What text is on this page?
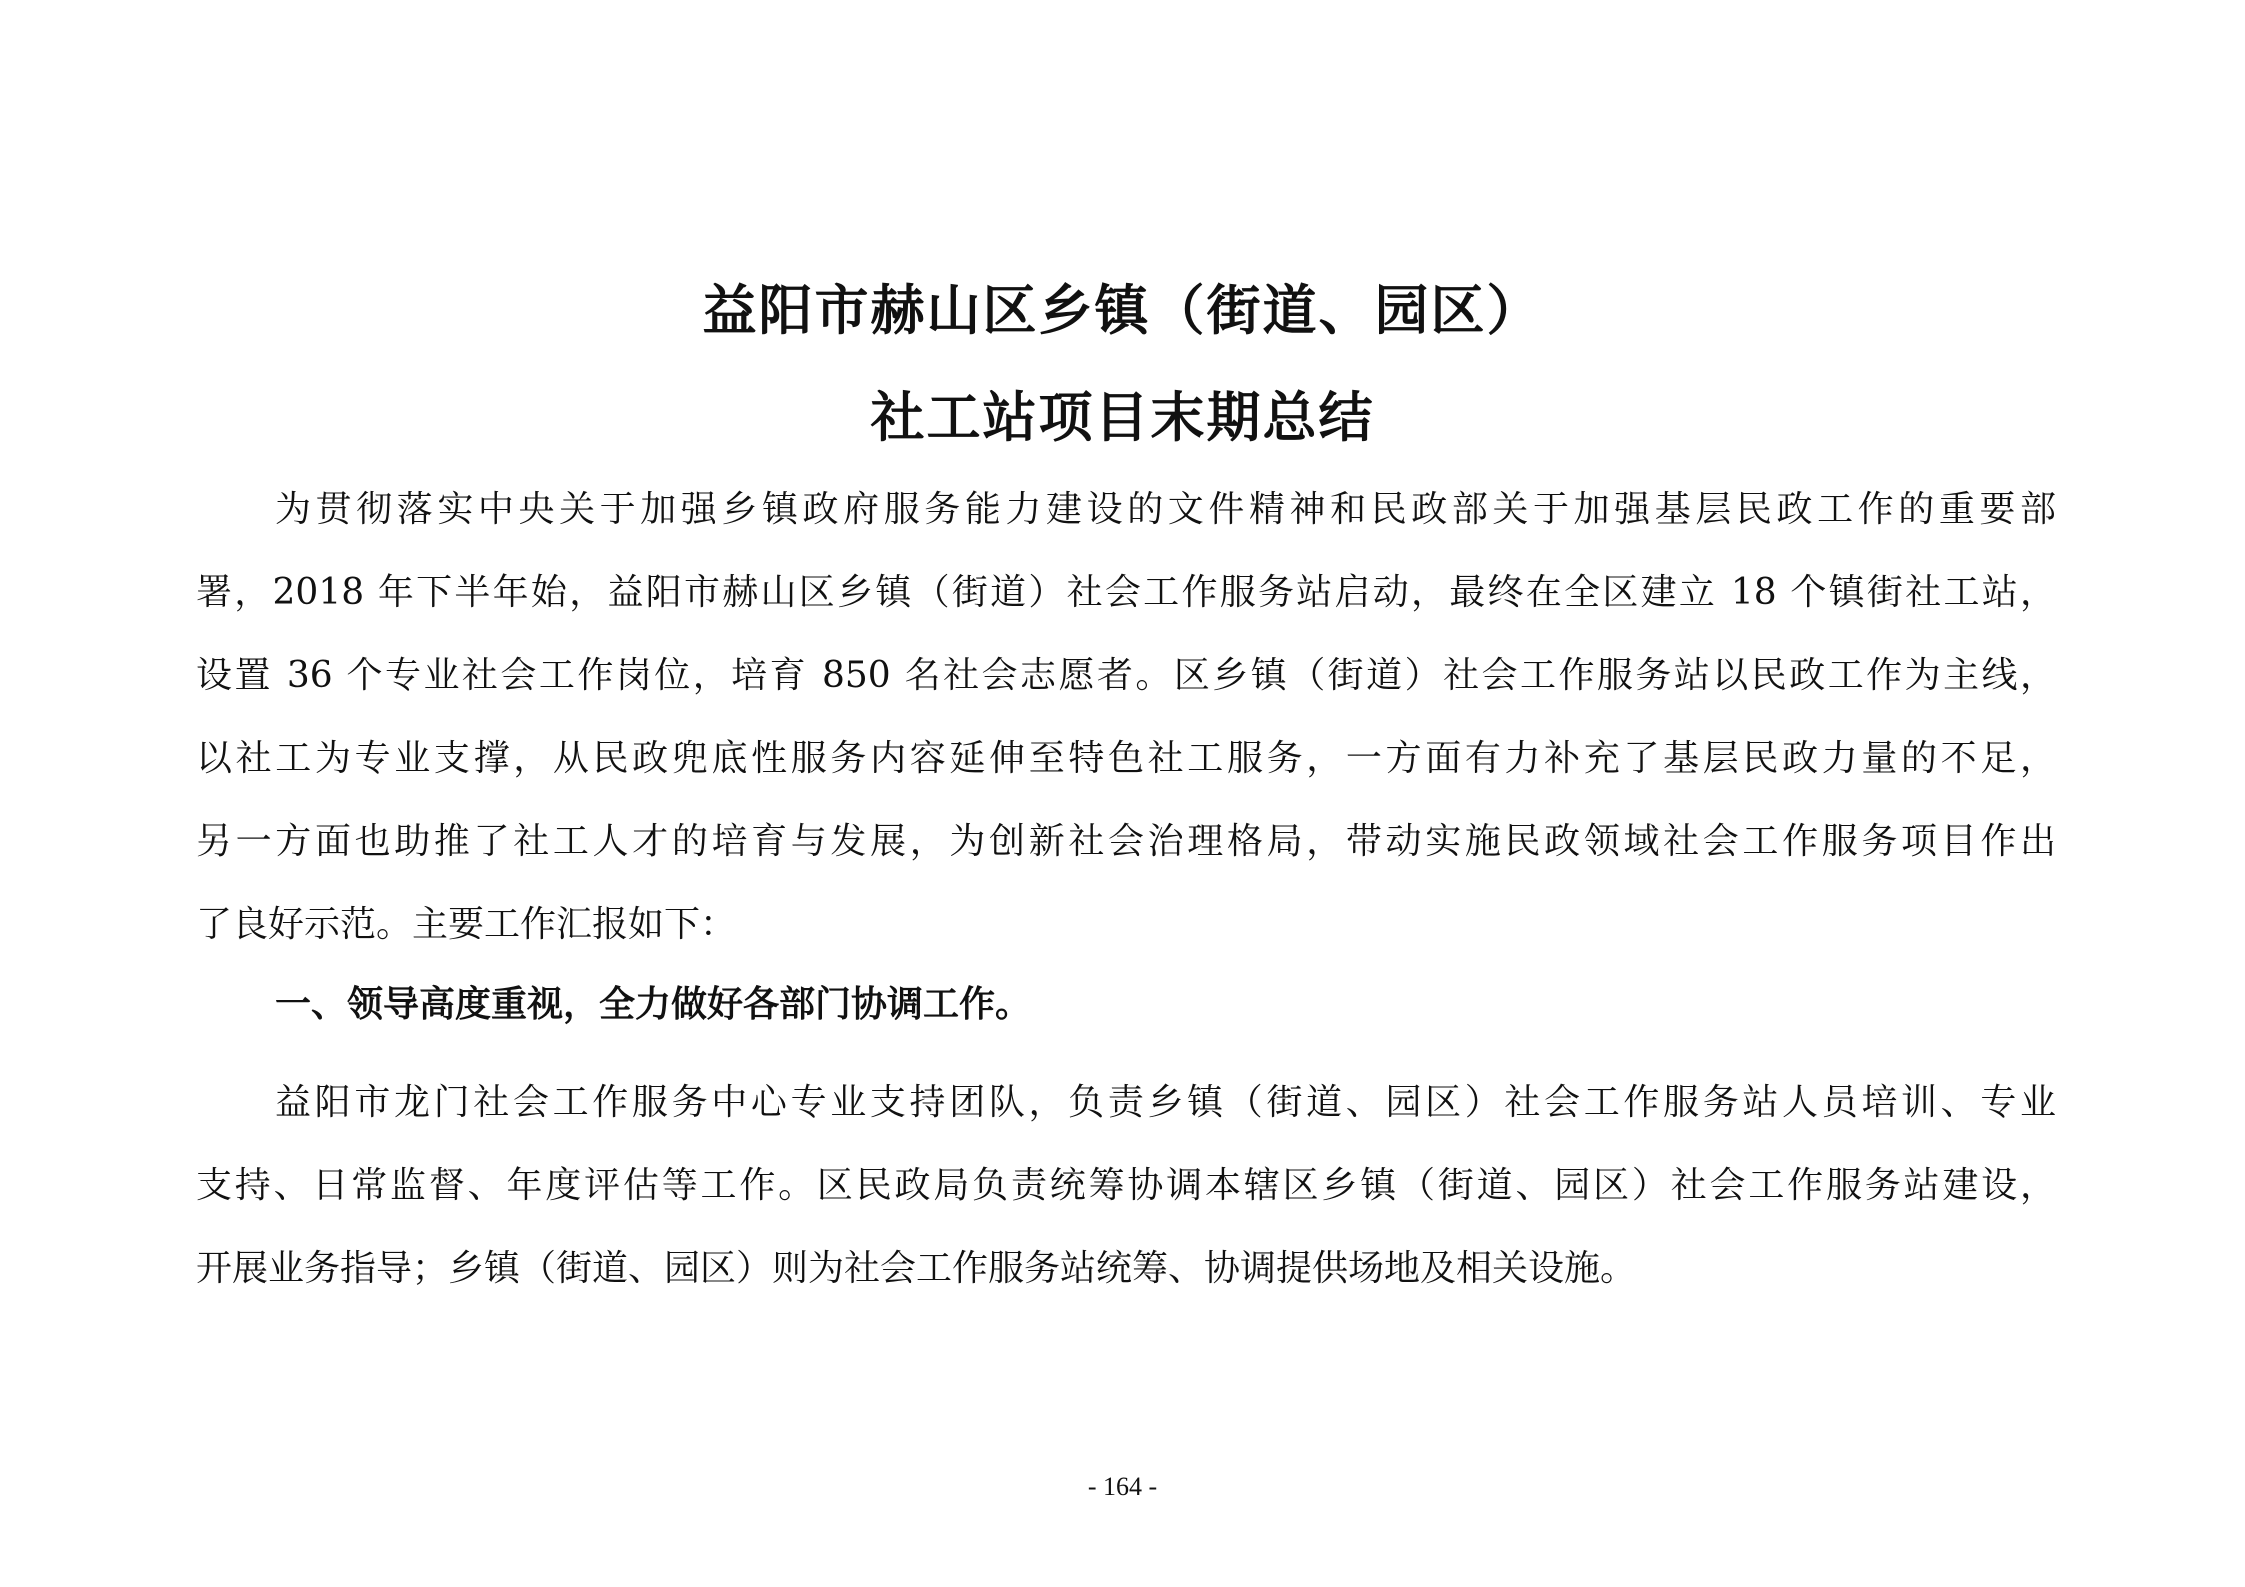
益阳市赫山区乡镇（街道、园区）
社工站项目末期总结
为贯彻落实中央关于加强乡镇政府服务能力建设的文件精神和民政部关于加强基层民政工作的重要部
署，2018 年下半年始，益阳市赫山区乡镇（街道）社会工作服务站启动，最终在全区建立 18 个镇街社工站，
设置 36 个专业社会工作岗位，培育 850 名社会志愿者。区乡镇（街道）社会工作服务站以民政工作为主线，
以社工为专业支撑，从民政兜底性服务内容延伸至特色社工服务，一方面有力补充了基层民政力量的不足，
另一方面也助推了社工人才的培育与发展，为创新社会治理格局，带动实施民政领域社会工作服务项目作出
了良好示范。主要工作汇报如下：
一、领导高度重视，全力做好各部门协调工作。
益阳市龙门社会工作服务中心专业支持团队，负责乡镇（街道、园区）社会工作服务站人员培训、专业
支持、日常监督、年度评估等工作。区民政局负责统筹协调本辖区乡镇（街道、园区）社会工作服务站建设，
开展业务指导；乡镇（街道、园区）则为社会工作服务站统筹、协调提供场地及相关设施。
- 164 -
